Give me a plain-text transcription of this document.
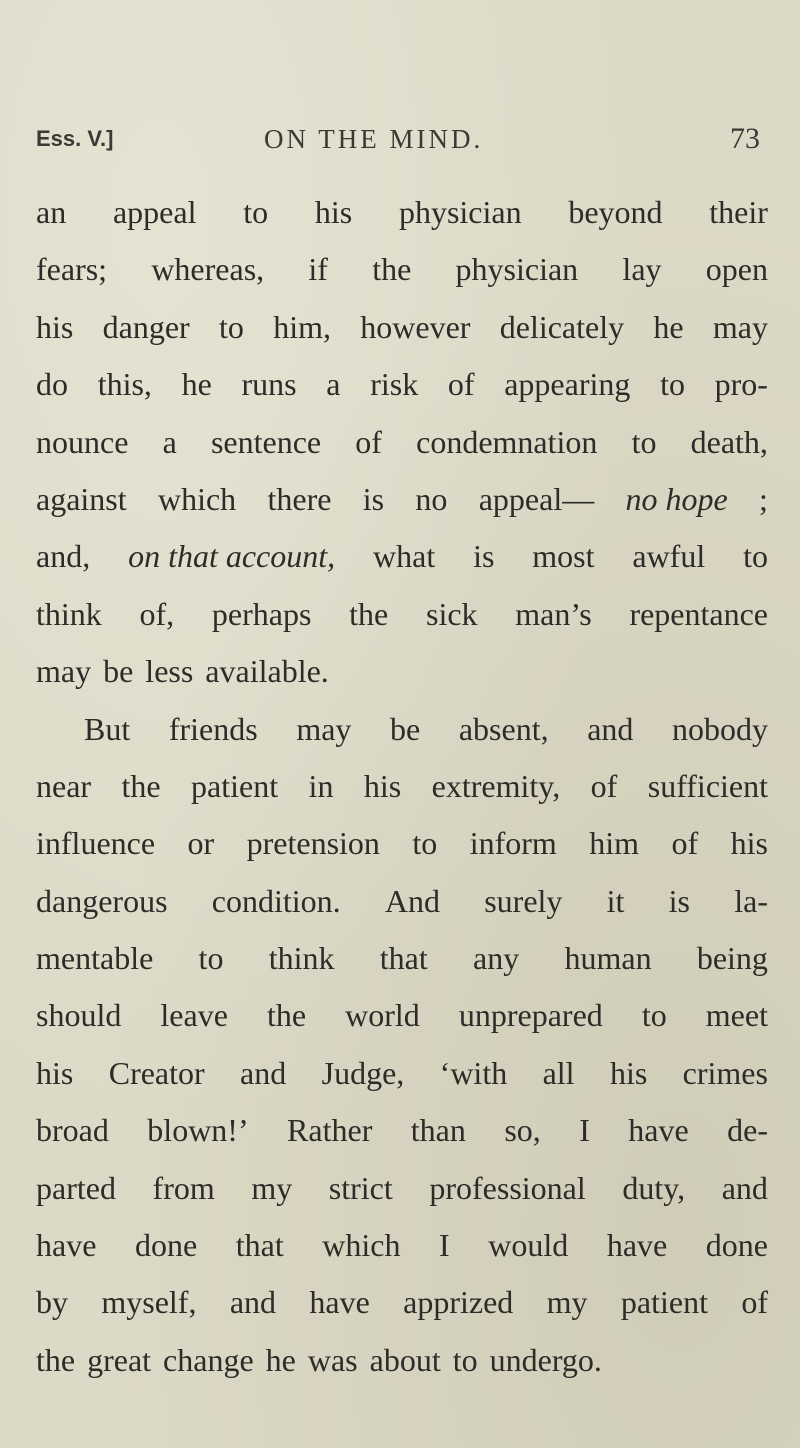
Ess. V.]	ON THE MIND.	73
an appeal to his physician beyond their
fears; whereas, if the physician lay open
his danger to him, however delicately he may
do this, he runs a risk of appearing to pro-
nounce a sentence of condemnation to death,
against which there is no appeal— no hope ;
and, on that account, what is most awful to
think of, perhaps the sick man’s repentance
may be less available.
But friends may be absent, and nobody
near the patient in his extremity, of sufficient
influence or pretension to inform him of his
dangerous condition. And surely it is la-
mentable to think that any human being
should leave the world unprepared to meet
his Creator and Judge, ‘with all his crimes
broad blown!’ Rather than so, I have de-
parted from my strict professional duty, and
have done that which I would have done
by myself, and have apprized my patient of
the great change he was about to undergo.
